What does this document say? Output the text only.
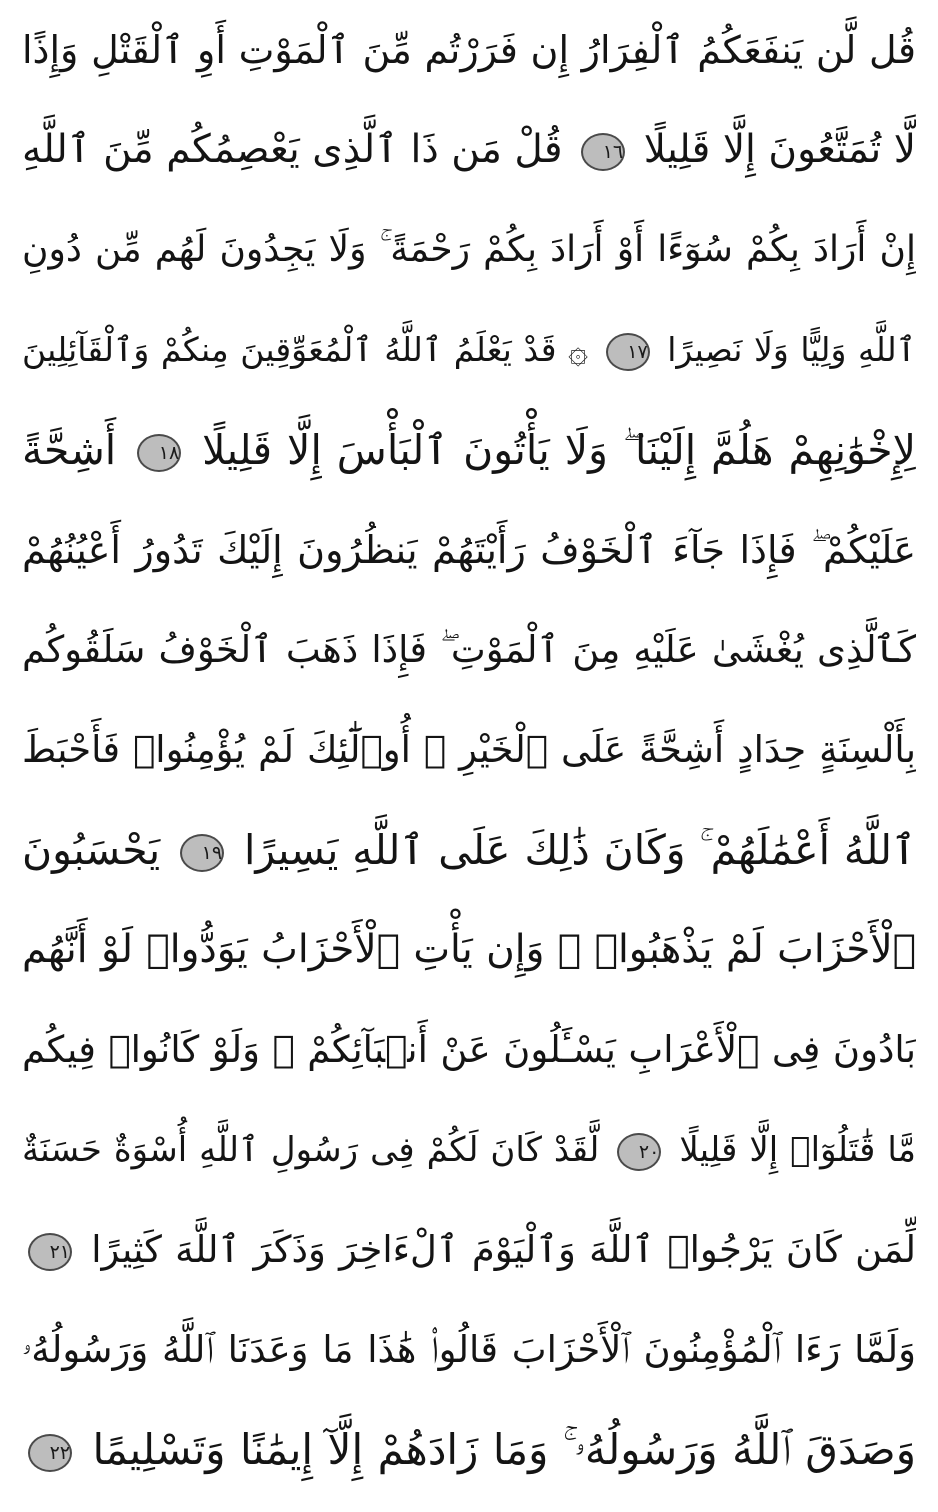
قُل لَّن يَنفَعَكُمُ ٱلْفِرَارُ إِن فَرَرْتُم مِّنَ ٱلْمَوْتِ أَوِ ٱلْقَتْلِ وَإِذًا
لَّا تُمَتَّعُونَ إِلَّا قَلِيلًا ١٦ قُلْ مَن ذَا ٱلَّذِى يَعْصِمُكُم مِّنَ ٱللَّهِ
إِنْ أَرَادَ بِكُمْ سُوٓءًا أَوْ أَرَادَ بِكُمْ رَحْمَةً ۚ وَلَا يَجِدُونَ لَهُم مِّن دُونِ
ٱللَّهِ وَلِيًّا وَلَا نَصِيرًا ١٧ ۞ قَدْ يَعْلَمُ ٱللَّهُ ٱلْمُعَوِّقِينَ مِنكُمْ وَٱلْقَآئِلِينَ
لِإِخْوَٰنِهِمْ هَلُمَّ إِلَيْنَا ۖ وَلَا يَأْتُونَ ٱلْبَأْسَ إِلَّا قَلِيلًا ١٨ أَشِحَّةً
عَلَيْكُمْ ۖ فَإِذَا جَآءَ ٱلْخَوْفُ رَأَيْتَهُمْ يَنظُرُونَ إِلَيْكَ تَدُورُ أَعْيُنُهُمْ
كَٱلَّذِى يُغْشَىٰ عَلَيْهِ مِنَ ٱلْمَوْتِ ۖ فَإِذَا ذَهَبَ ٱلْخَوْفُ سَلَقُوكُم
بِأَلْسِنَةٍ حِدَادٍ أَشِحَّةً عَلَى ٱلْخَيْرِ ۚ أُو۟لَٰٓئِكَ لَمْ يُؤْمِنُوا۟ فَأَحْبَطَ
ٱللَّهُ أَعْمَٰلَهُمْ ۚ وَكَانَ ذَٰلِكَ عَلَى ٱللَّهِ يَسِيرًا ١٩ يَحْسَبُونَ
ٱلْأَحْزَابَ لَمْ يَذْهَبُوا۟ ۖ وَإِن يَأْتِ ٱلْأَحْزَابُ يَوَدُّوا۟ لَوْ أَنَّهُم
بَادُونَ فِى ٱلْأَعْرَابِ يَسْـَٔلُونَ عَنْ أَنۢبَآئِكُمْ ۖ وَلَوْ كَانُوا۟ فِيكُم
مَّا قَٰتَلُوٓا۟ إِلَّا قَلِيلًا ٢٠ لَّقَدْ كَانَ لَكُمْ فِى رَسُولِ ٱللَّهِ أُسْوَةٌ حَسَنَةٌ
لِّمَن كَانَ يَرْجُوا۟ ٱللَّهَ وَٱلْيَوْمَ ٱلْءَاخِرَ وَذَكَرَ ٱللَّهَ كَثِيرًا ٢١
وَلَمَّا رَءَا ٱلْمُؤْمِنُونَ ٱلْأَحْزَابَ قَالُوا۟ هَٰذَا مَا وَعَدَنَا ٱللَّهُ وَرَسُولُهُۥ
وَصَدَقَ ٱللَّهُ وَرَسُولُهُۥ ۚ وَمَا زَادَهُمْ إِلَّآ إِيمَٰنًا وَتَسْلِيمًا ٢٢
